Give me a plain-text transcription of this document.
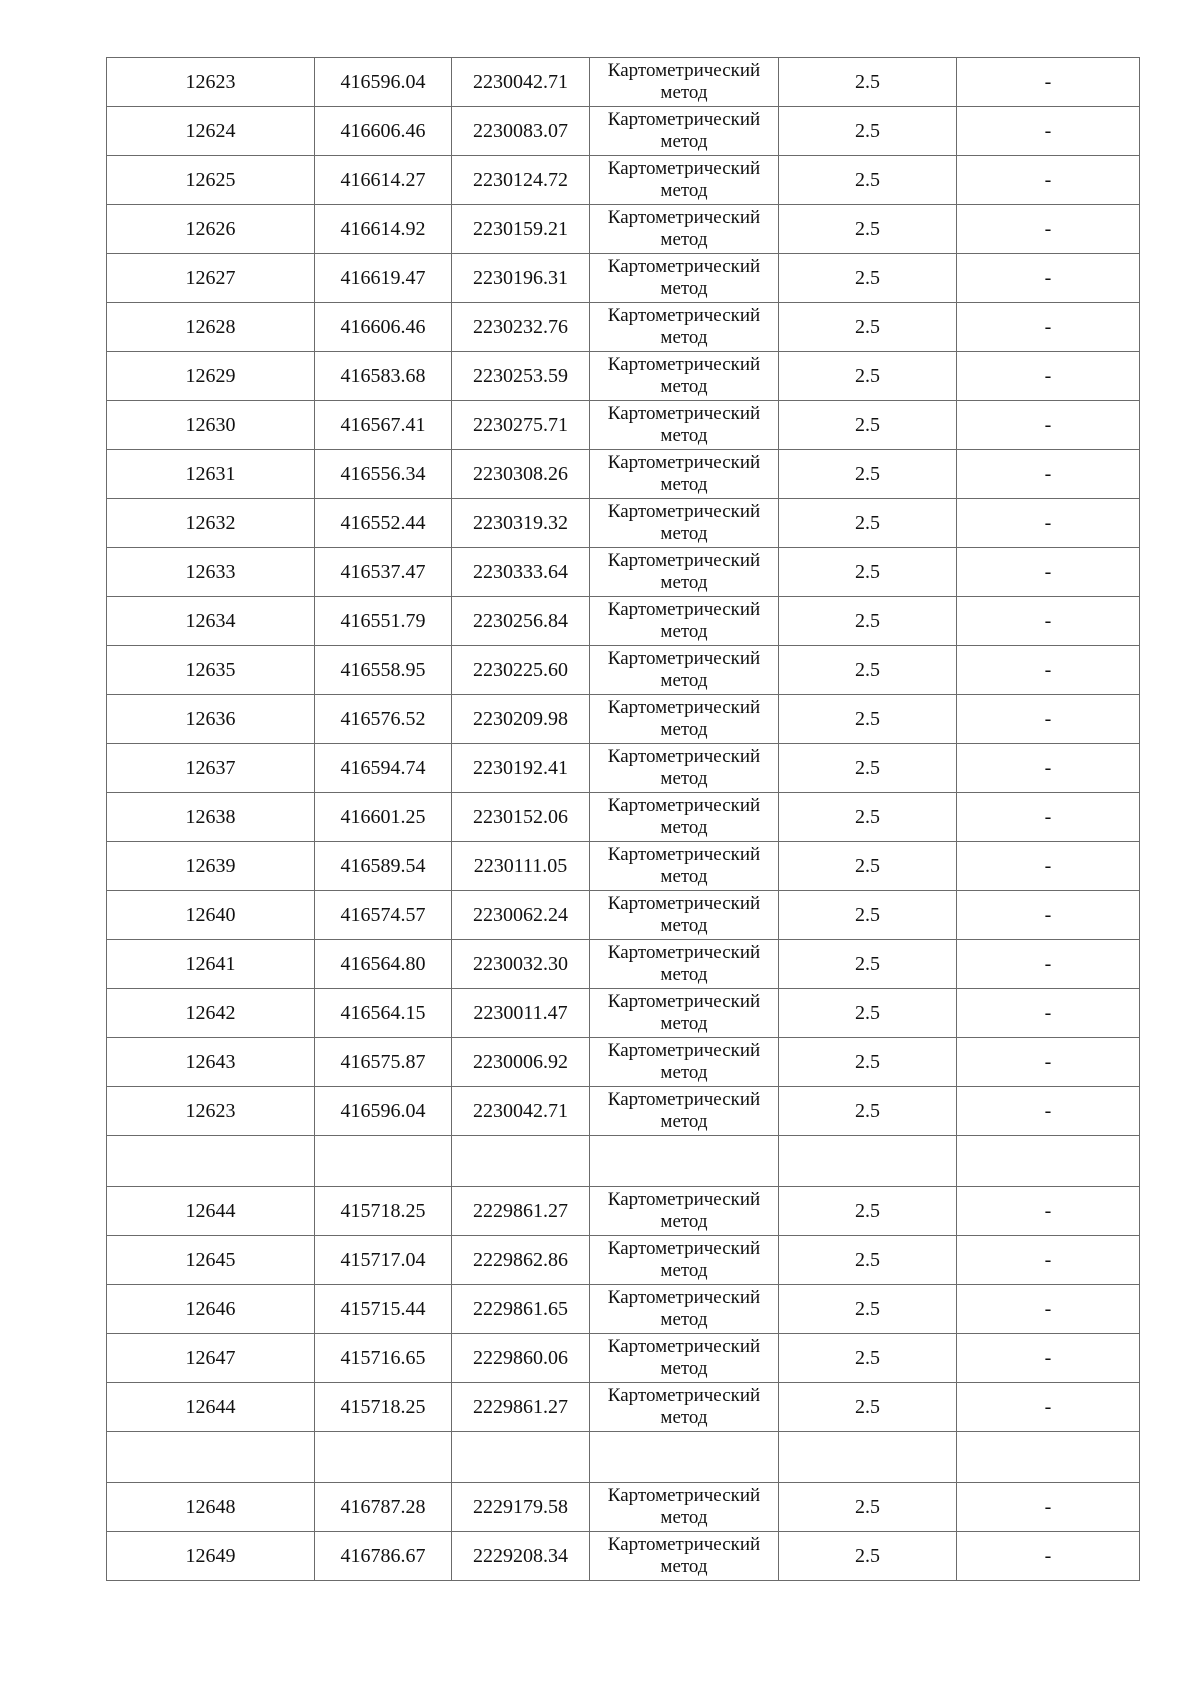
12623	416596.04	2230042.71	Картометрический метод	2.5	-
12624	416606.46	2230083.07	Картометрический метод	2.5	-
12625	416614.27	2230124.72	Картометрический метод	2.5	-
12626	416614.92	2230159.21	Картометрический метод	2.5	-
12627	416619.47	2230196.31	Картометрический метод	2.5	-
12628	416606.46	2230232.76	Картометрический метод	2.5	-
12629	416583.68	2230253.59	Картометрический метод	2.5	-
12630	416567.41	2230275.71	Картометрический метод	2.5	-
12631	416556.34	2230308.26	Картометрический метод	2.5	-
12632	416552.44	2230319.32	Картометрический метод	2.5	-
12633	416537.47	2230333.64	Картометрический метод	2.5	-
12634	416551.79	2230256.84	Картометрический метод	2.5	-
12635	416558.95	2230225.60	Картометрический метод	2.5	-
12636	416576.52	2230209.98	Картометрический метод	2.5	-
12637	416594.74	2230192.41	Картометрический метод	2.5	-
12638	416601.25	2230152.06	Картометрический метод	2.5	-
12639	416589.54	2230111.05	Картометрический метод	2.5	-
12640	416574.57	2230062.24	Картометрический метод	2.5	-
12641	416564.80	2230032.30	Картометрический метод	2.5	-
12642	416564.15	2230011.47	Картометрический метод	2.5	-
12643	416575.87	2230006.92	Картометрический метод	2.5	-
12623	416596.04	2230042.71	Картометрический метод	2.5	-

12644	415718.25	2229861.27	Картометрический метод	2.5	-
12645	415717.04	2229862.86	Картометрический метод	2.5	-
12646	415715.44	2229861.65	Картометрический метод	2.5	-
12647	415716.65	2229860.06	Картометрический метод	2.5	-
12644	415718.25	2229861.27	Картометрический метод	2.5	-

12648	416787.28	2229179.58	Картометрический метод	2.5	-
12649	416786.67	2229208.34	Картометрический метод	2.5	-
